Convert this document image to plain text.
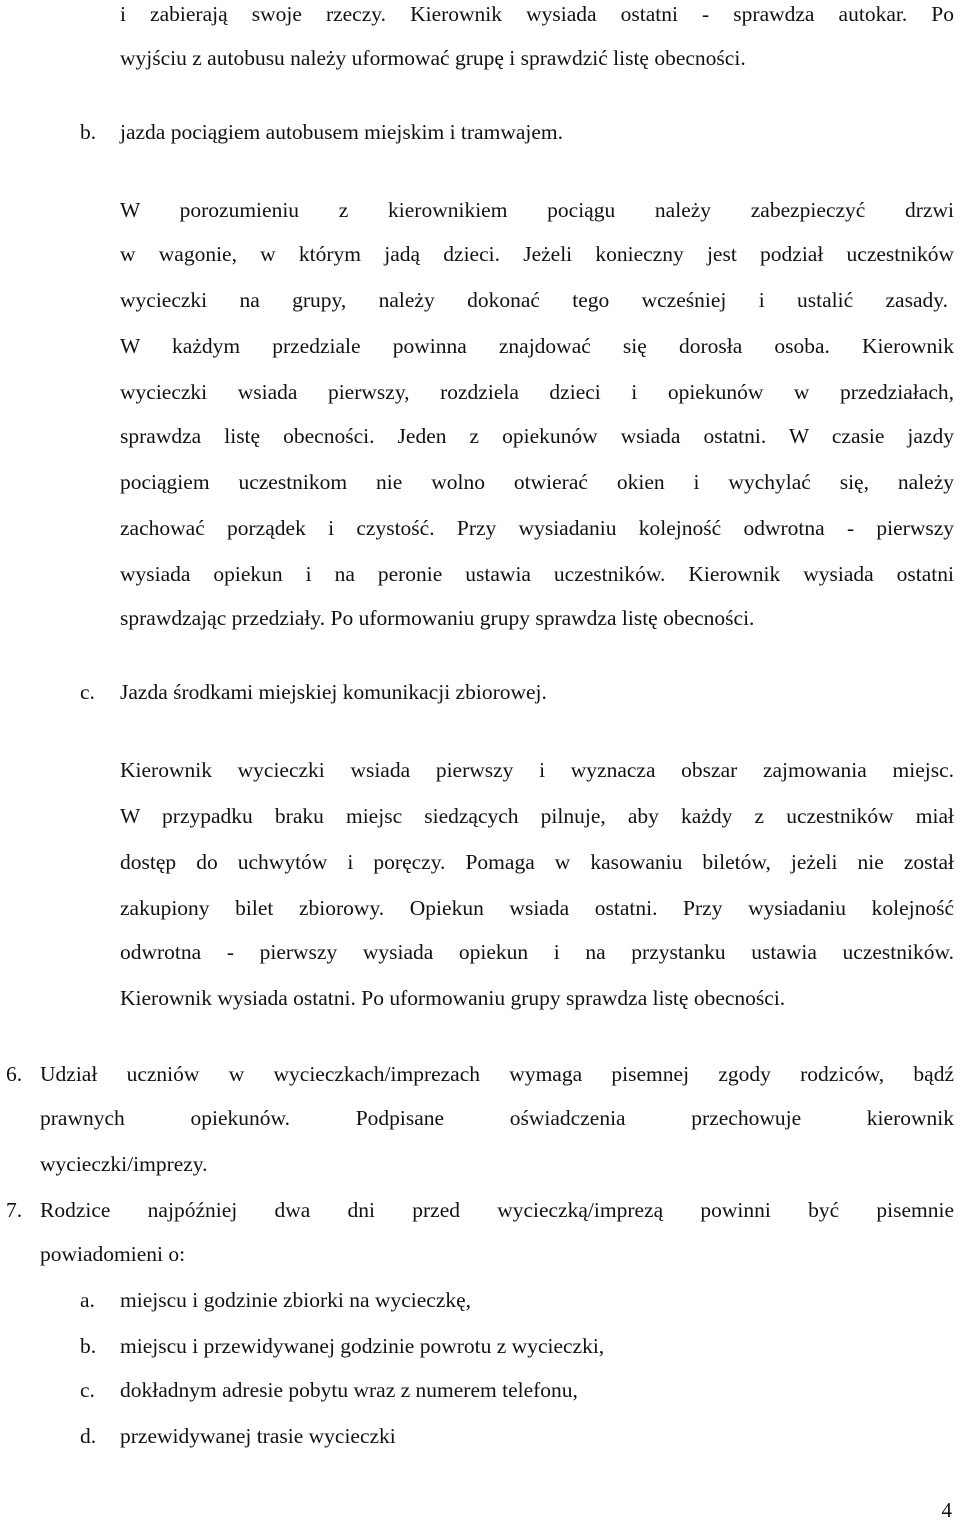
i zabierają swoje rzeczy. Kierownik wysiada ostatni - sprawdza autokar. Po
wyjściu z autobusu należy uformować grupę i sprawdzić listę obecności.
b. jazda pociągiem autobusem miejskim i tramwajem.
W porozumieniu z kierownikiem pociągu należy zabezpieczyć drzwi
w wagonie, w którym jadą dzieci. Jeżeli konieczny jest podział uczestników
wycieczki na grupy, należy dokonać tego wcześniej i ustalić zasady.
W każdym przedziale powinna znajdować się dorosła osoba. Kierownik
wycieczki wsiada pierwszy, rozdziela dzieci i opiekunów w przedziałach,
sprawdza listę obecności. Jeden z opiekunów wsiada ostatni. W czasie jazdy
pociągiem uczestnikom nie wolno otwierać okien i wychylać się, należy
zachować porządek i czystość. Przy wysiadaniu kolejność odwrotna - pierwszy
wysiada opiekun i na peronie ustawia uczestników. Kierownik wysiada ostatni
sprawdzając przedziały. Po uformowaniu grupy sprawdza listę obecności.
c. Jazda środkami miejskiej komunikacji zbiorowej.
Kierownik wycieczki wsiada pierwszy i wyznacza obszar zajmowania miejsc.
W przypadku braku miejsc siedzących pilnuje, aby każdy z uczestników miał
dostęp do uchwytów i poręczy. Pomaga w kasowaniu biletów, jeżeli nie został
zakupiony bilet zbiorowy. Opiekun wsiada ostatni. Przy wysiadaniu kolejność
odwrotna - pierwszy wysiada opiekun i na przystanku ustawia uczestników.
Kierownik wysiada ostatni. Po uformowaniu grupy sprawdza listę obecności.
6. Udział uczniów w wycieczkach/imprezach wymaga pisemnej zgody rodziców, bądź
prawnych opiekunów. Podpisane oświadczenia przechowuje kierownik
wycieczki/imprezy.
7. Rodzice najpóźniej dwa dni przed wycieczką/imprezą powinni być pisemnie
powiadomieni o:
a. miejscu i godzinie zbiorki na wycieczkę,
b. miejscu i przewidywanej godzinie powrotu z wycieczki,
c. dokładnym adresie pobytu wraz z numerem telefonu,
d. przewidywanej trasie wycieczki
4
